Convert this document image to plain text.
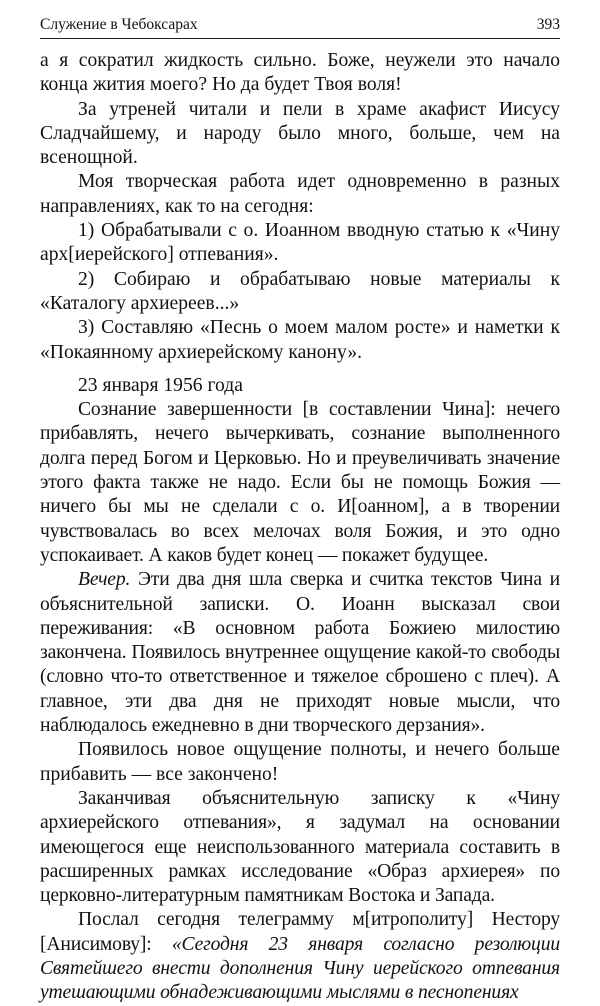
Служение в Чебоксарах	393

а я сократил жидкость сильно. Боже, неужели это начало конца жития моего? Но да будет Твоя воля!

За утреней читали и пели в храме акафист Иисусу Сладчайшему, и народу было много, больше, чем на всенощной.

Моя творческая работа идет одновременно в разных направлениях, как то на сегодня:

1) Обрабатывали с о. Иоанном вводную статью к «Чину арх[иерейского] отпевания».

2) Собираю и обрабатываю новые материалы к «Каталогу архиереев...»

3) Составляю «Песнь о моем малом росте» и наметки к «Покаянному архиерейскому канону».

23 января 1956 года

Сознание завершенности [в составлении Чина]: нечего прибавлять, нечего вычеркивать, сознание выполненного долга перед Богом и Церковью. Но и преувеличивать значение этого факта также не надо. Если бы не помощь Божия — ничего бы мы не сделали с о. И[оанном], а в творении чувствовалась во всех мелочах воля Божия, и это одно успокаивает. А каков будет конец — покажет будущее.

Вечер. Эти два дня шла сверка и считка текстов Чина и объяснительной записки. О. Иоанн высказал свои переживания: «В основном работа Божиею милостию закончена. Появилось внутреннее ощущение какой-то свободы (словно что-то ответственное и тяжелое сброшено с плеч). А главное, эти два дня не приходят новые мысли, что наблюдалось ежедневно в дни творческого дерзания».

Появилось новое ощущение полноты, и нечего больше прибавить — все закончено!

Заканчивая объяснительную записку к «Чину архиерейского отпевания», я задумал на основании имеющегося еще неиспользованного материала составить в расширенных рамках исследование «Образ архиерея» по церковно-литературным памятникам Востока и Запада.

Послал сегодня телеграмму м[итрополиту] Нестору [Анисимову]: «Сегодня 23 января согласно резолюции Святейшего внести дополнения Чину иерейского отпевания утешающими обнадеживающими мыслями в песнопениях
